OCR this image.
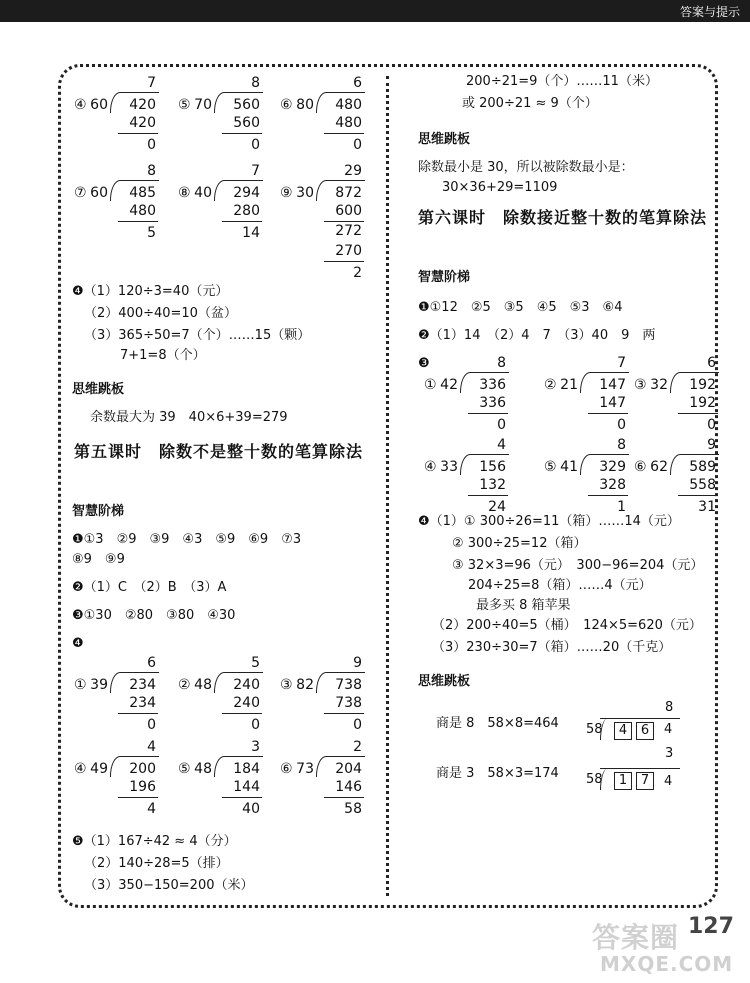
答案与提示
④ 60
7
420
420
0
⑤ 70
8
560
560
0
⑥ 80
6
480
480
0
⑦ 60
8
485
480
5
⑧ 40
7
294
280
14
⑨ 30
29
872
600
272
270
2
❹（1）120÷3=40（元）
（2）400÷40=10（盆）
（3）365÷50=7（个）……15（颗）
7+1=8（个）
思维跳板
余数最大为 39　40×6+39=279
第五课时　除数不是整十数的笔算除法
智慧阶梯
❶①3　②9　③9　④3　⑤9　⑥9　⑦3
⑧9　⑨9
❷（1）C　（2）B　（3）A
❸①30　②80　③80　④30
❹
① 39
6
234
234
0
② 48
5
240
240
0
③ 82
9
738
738
0
④ 49
4
200
196
4
⑤ 48
3
184
144
40
⑥ 73
2
204
146
58
❺（1）167÷42 ≈ 4（分）
（2）140÷28=5（排）
（3）350−150=200（米）
200÷21=9（个）……11（米）
或 200÷21 ≈ 9（个）
思维跳板
除数最小是 30，所以被除数最小是：
30×36+29=1109
第六课时　除数接近整十数的笔算除法
智慧阶梯
❶①12　②5　③5　④5　⑤3　⑥4
❷（1）14　（2）4　7　（3）40　9　两
❸
① 42
8
336
336
0
② 21
7
147
147
0
③ 32
6
192
192
0
④ 33
4
156
132
24
⑤ 41
8
329
328
1
⑥ 62
9
589
558
31
❹（1）① 300÷26=11（箱）……14（元）
② 300÷25=12（箱）
③ 32×3=96（元）　300−96=204（元）
204÷25=8（箱）……4（元）
最多买 8 箱苹果
（2）200÷40=5（桶）　124×5=620（元）
（3）230÷30=7（箱）……20（千克）
思维跳板
商是 8　58×8=464
8
58	4	6	4
商是 3　58×3=174
3
58	1	7	4
答案圈
MXQE.COM
127
